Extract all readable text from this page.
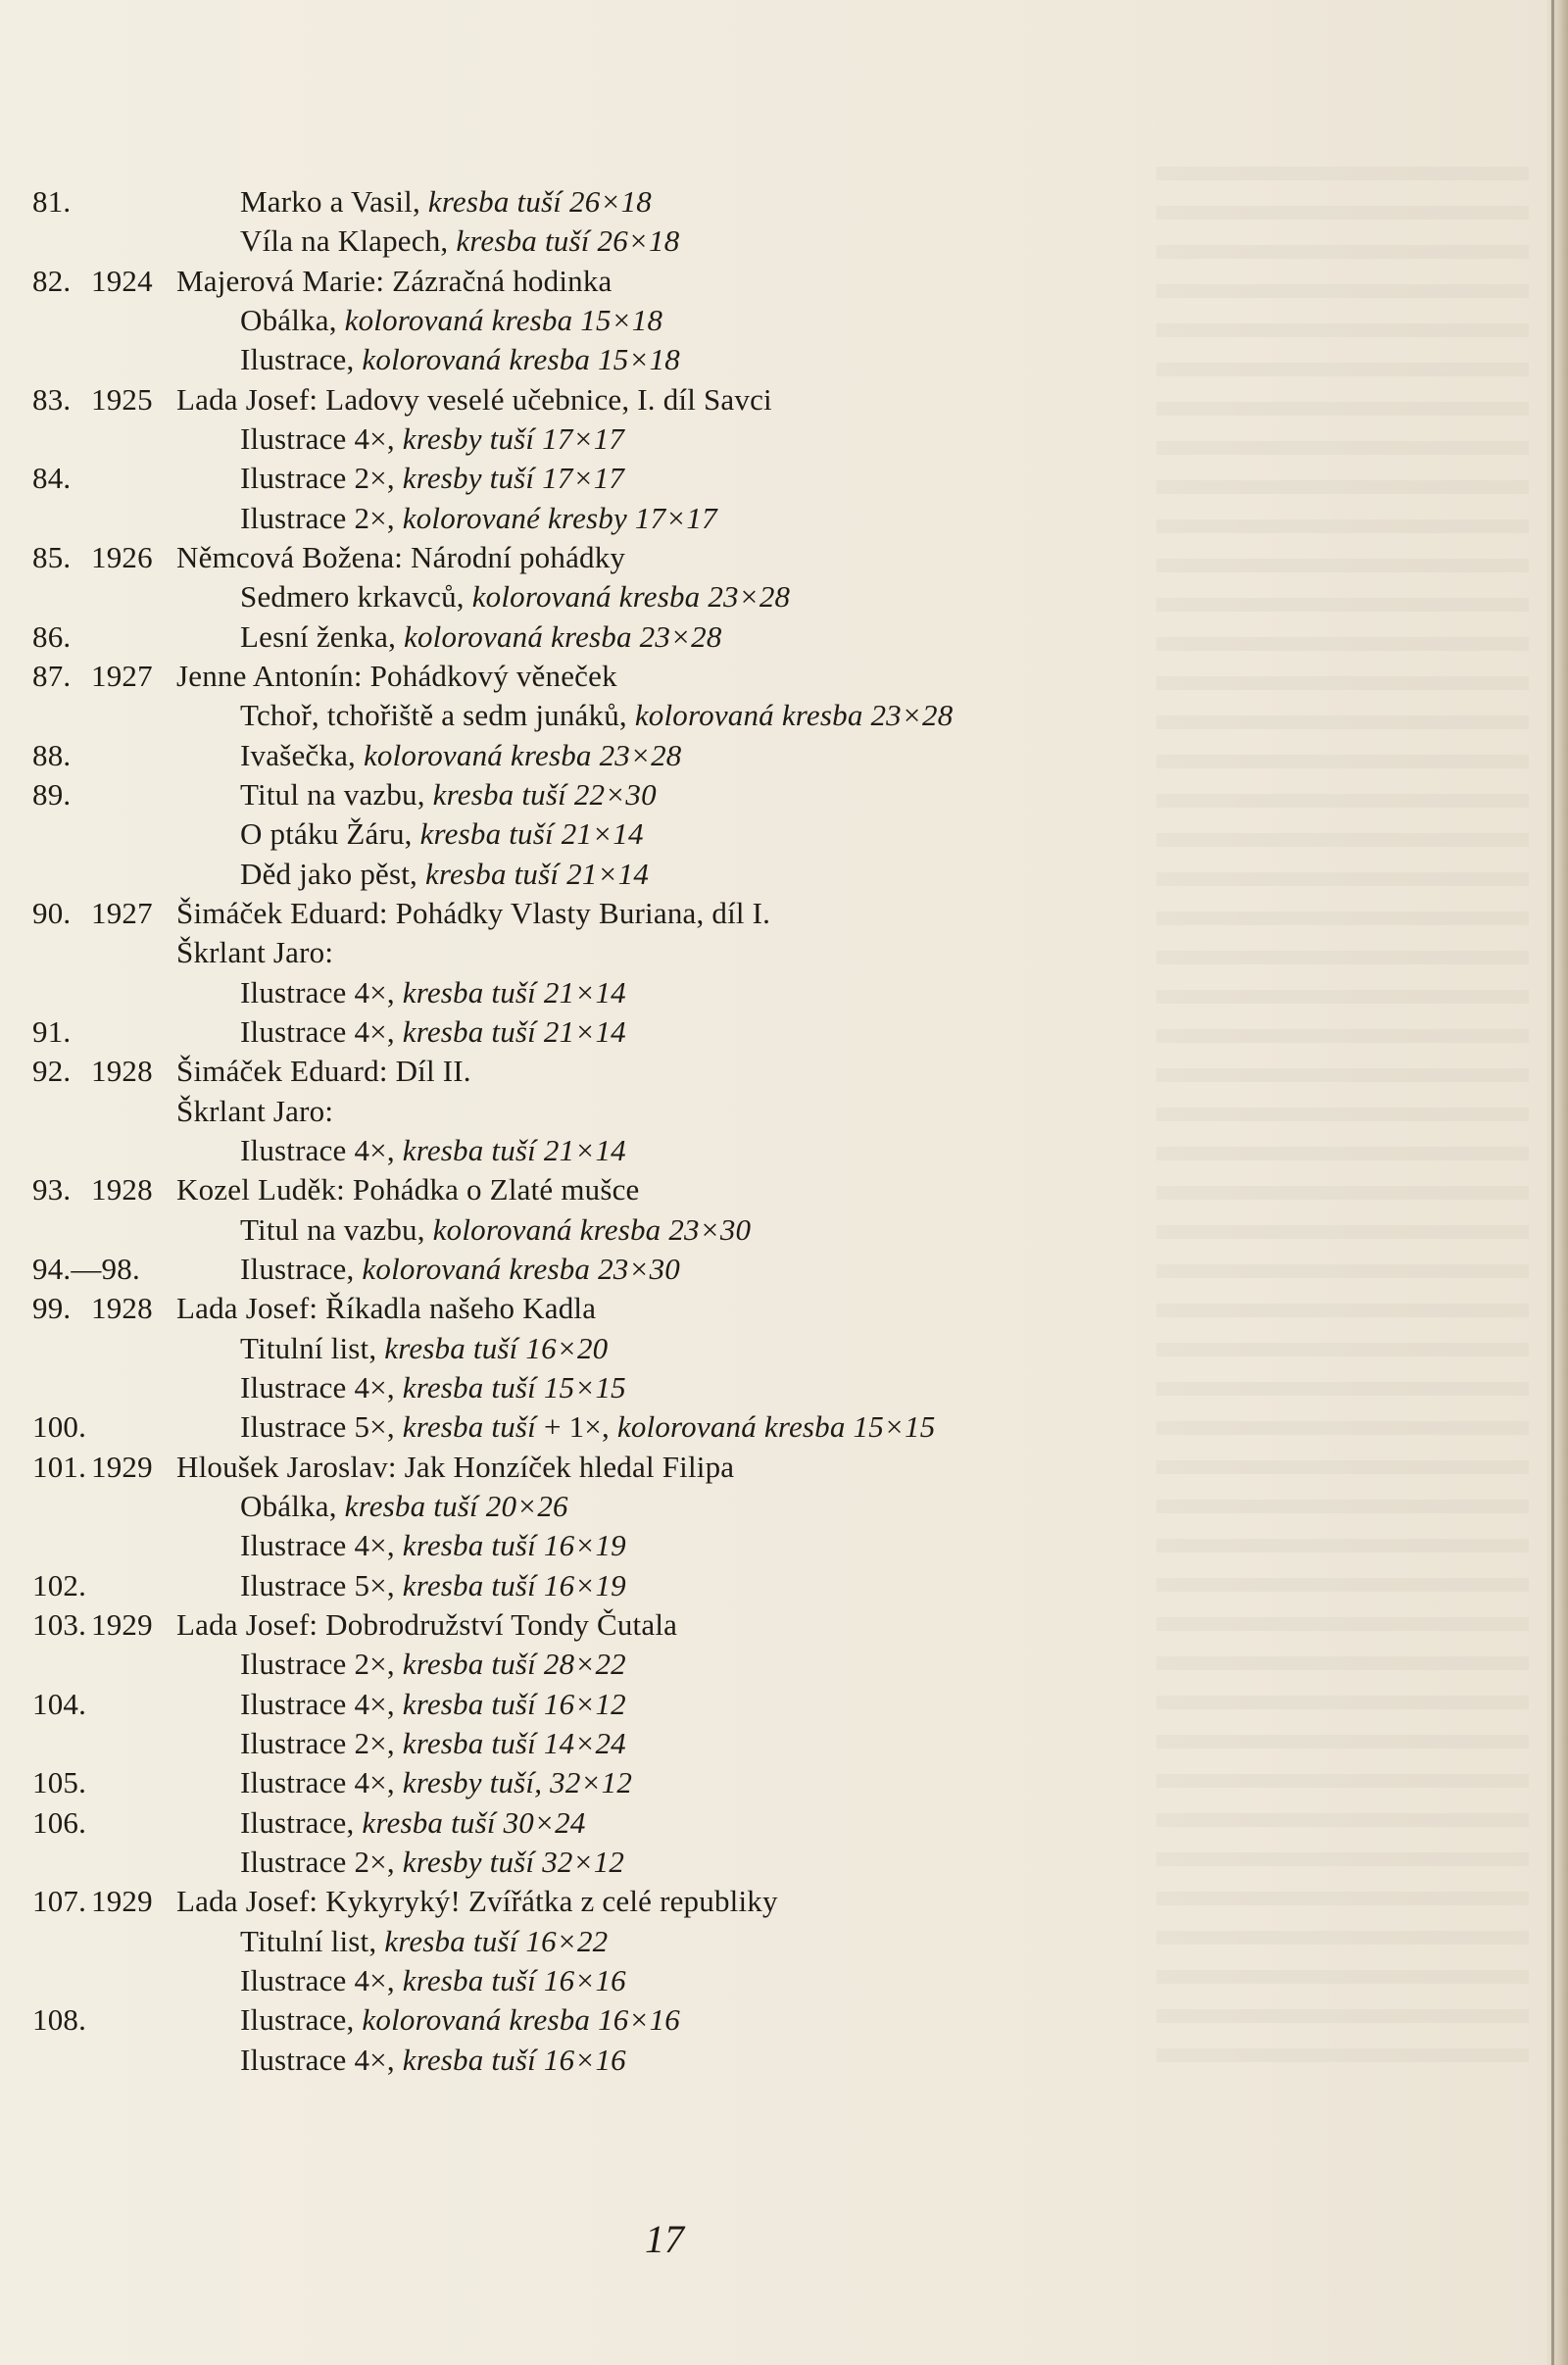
81.	Marko a Vasil, kresba tuší 26×18
Víla na Klapech, kresba tuší 26×18
82. 1924 Majerová Marie: Zázračná hodinka
Obálka, kolorovaná kresba 15×18
Ilustrace, kolorovaná kresba 15×18
83. 1925 Lada Josef: Ladovy veselé učebnice, I. díl Savci
Ilustrace 4×, kresby tuší 17×17
84.	Ilustrace 2×, kresby tuší 17×17
Ilustrace 2×, kolorované kresby 17×17
85. 1926 Němcová Božena: Národní pohádky
Sedmero krkavců, kolorovaná kresba 23×28
86.	Lesní ženka, kolorovaná kresba 23×28
87. 1927 Jenne Antonín: Pohádkový věneček
Tchoř, tchořiště a sedm junáků, kolorovaná kresba 23×28
88.	Ivašečka, kolorovaná kresba 23×28
89.	Titul na vazbu, kresba tuší 22×30
O ptáku Žáru, kresba tuší 21×14
Děd jako pěst, kresba tuší 21×14
90. 1927 Šimáček Eduard: Pohádky Vlasty Buriana, díl I.
Škrlant Jaro:
Ilustrace 4×, kresba tuší 21×14
91.	Ilustrace 4×, kresba tuší 21×14
92. 1928 Šimáček Eduard: Díl II.
Škrlant Jaro:
Ilustrace 4×, kresba tuší 21×14
93. 1928 Kozel Luděk: Pohádka o Zlaté mušce
Titul na vazbu, kolorovaná kresba 23×30
94.—98.	Ilustrace, kolorovaná kresba 23×30
99. 1928 Lada Josef: Říkadla našeho Kadla
Titulní list, kresba tuší 16×20
Ilustrace 4×, kresba tuší 15×15
100.	Ilustrace 5×, kresba tuší + 1×, kolorovaná kresba 15×15
101. 1929 Hloušek Jaroslav: Jak Honzíček hledal Filipa
Obálka, kresba tuší 20×26
Ilustrace 4×, kresba tuší 16×19
102.	Ilustrace 5×, kresba tuší 16×19
103. 1929 Lada Josef: Dobrodružství Tondy Čutala
Ilustrace 2×, kresba tuší 28×22
104.	Ilustrace 4×, kresba tuší 16×12
Ilustrace 2×, kresba tuší 14×24
105.	Ilustrace 4×, kresby tuší, 32×12
106.	Ilustrace, kresba tuší 30×24
Ilustrace 2×, kresby tuší 32×12
107. 1929 Lada Josef: Kykyryký! Zvířátka z celé republiky
Titulní list, kresba tuší 16×22
Ilustrace 4×, kresba tuší 16×16
108.	Ilustrace, kolorovaná kresba 16×16
Ilustrace 4×, kresba tuší 16×16
17
